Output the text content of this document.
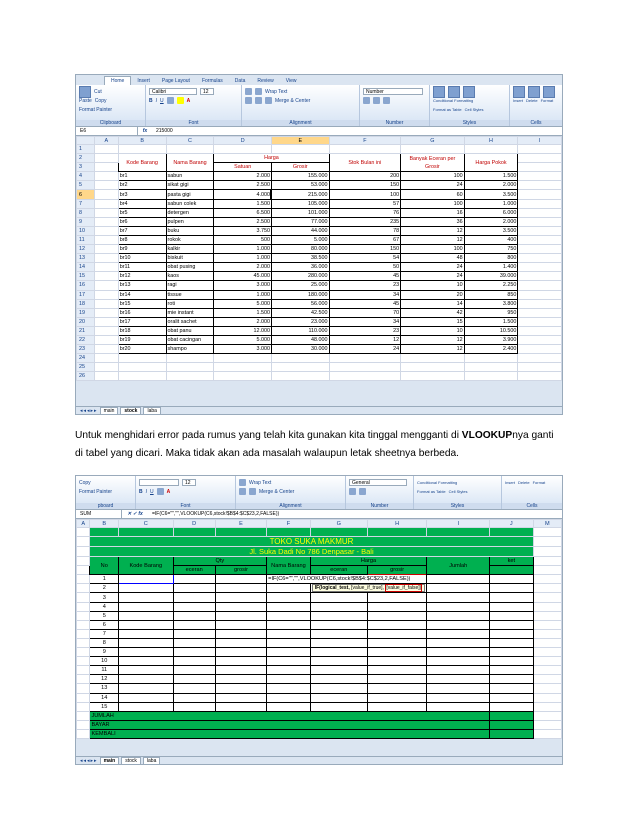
Home	Insert	Page Layout	Formulas	Data	Review	View
Cut
Paste Copy
Format Painter
Clipboard
Calibri	12
B I U	A
Font
Wrap Text
Merge & Center
Alignment
Number
Number
Conditional Formatting
Format as Table Cell Styles
Styles
Insert Delete Format
Cells
E6	fx	215000
	A	B	C	D	E	F	G	H	I
1									
2		Kode Barang	Nama Barang	Harga		Stok Bulan ini	Banyak Eceran per Grosir	Harga Pokok	
3				Satuan	Grosir				
4		br1	sabun	2.000	155.000	200	100	1.500	
5		br2	sikat gigi	2.500	53.000	150	24	2.000	
6		br3	pasta gigi	4.000	215.000	100	60	3.500	
7		br4	sabun colek	1.500	105.000	57	100	1.000	
8		br5	detergen	6.500	101.000	76	16	6.000	
9		br6	pulpen	2.500	77.000	235	36	2.000	
10		br7	buku	3.750	44.000	78	12	3.500	
11		br8	rokok	500	5.000	67	12	400	
12		br9	kalkir	1.000	80.000	150	100	750	
13		br10	biskuit	1.000	38.500	54	48	800	
14		br11	obat pusing	2.000	36.000	50	24	1.400	
15		br12	kaos	45.000	280.000	45	24	39.000	
16		br13	ragi	3.000	25.000	23	10	2.250	
17		br14	tissue	1.000	180.000	34	20	850	
18		br15	roti	5.000	56.000	45	14	3.800	
19		br16	mie instant	1.500	42.500	70	42	950	
20		br17	oralit sachet	2.000	23.000	34	15	1.500	
21		br18	obat panu	12.000	110.000	23	10	10.500	
22		br19	obat cacingan	5.000	48.000	12	12	3.900	
23		br20	shampo	3.000	30.000	24	12	2.400	
24									
25									
26									
◂◂◂▸▸	main	stock	laba
Untuk menghidari error pada rumus yang telah kita gunakan kita tinggal mengganti di VLOOKUPnya ganti di tabel yang dicari. Maka tidak akan ada masalah walaupun letak sheetnya berbeda.
Copy
Format Painter
pboard
12
B I U	A
Font
Wrap Text
Merge & Center
Alignment
General
Number
Conditional Formatting
Format as Table Cell Styles
Styles
Insert Delete Format
Cells
SUM	✕ ✓ fx	=IF(C6="","",VLOOKUP(C6,stock!$B$4:$C$23,2,FALSE))
A	B	C	D	E	F	G	H	I	J	M

	TOKO SUKA MAKMUR									
	Jl. Suka Dadi No 786 Denpasar - Bali									
	No	Kode Barang	Qty		Nama Barang	Harga		Jumlah	ket	
			eceran	grosir		eceran	grosir			
	1				=IF(C6="","",VLOOKUP(C6,stock!$B$4:$C$23,2,FALSE))					
	2					IF(logical_test, [value_if_true], [value_if_false])				
	3									
	4									
	5									
	6									
	7									
	8									
	9									
	10									
	11									
	12									
	13									
	14									
	15									
	JUMLAH									
	BAYAR									
	KEMBALI									
◂◂◂▸▸	main	stock	laba
